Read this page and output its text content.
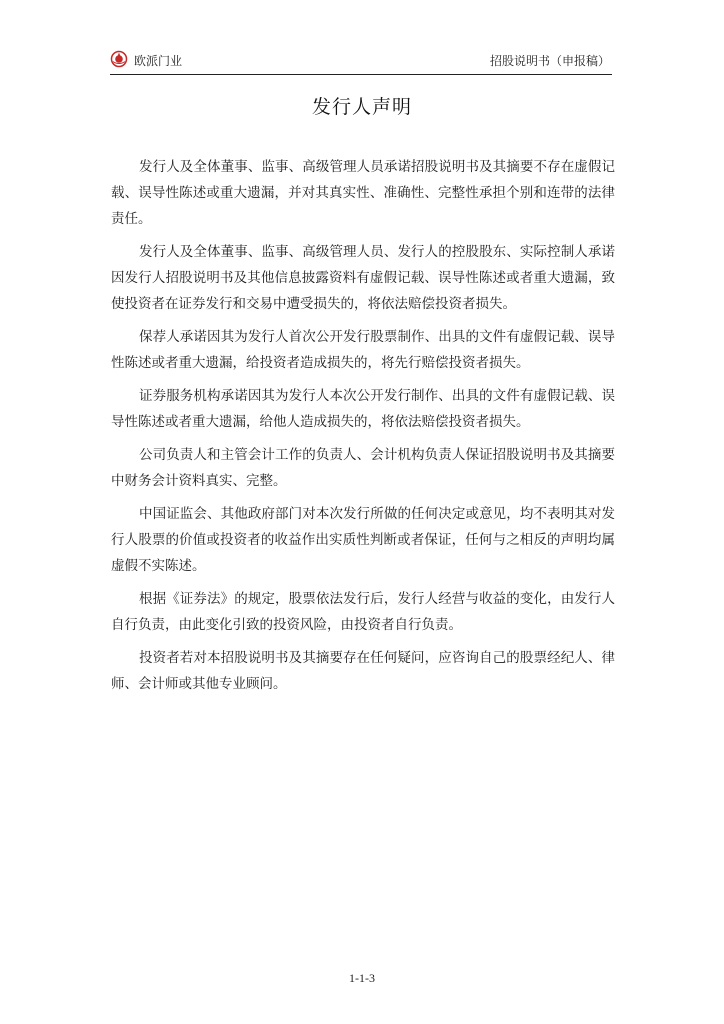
欧派门业	招股说明书（申报稿）
发行人声明

发行人及全体董事、监事、高级管理人员承诺招股说明书及其摘要不存在虚假记载、误导性陈述或重大遗漏，并对其真实性、准确性、完整性承担个别和连带的法律责任。

发行人及全体董事、监事、高级管理人员、发行人的控股股东、实际控制人承诺因发行人招股说明书及其他信息披露资料有虚假记载、误导性陈述或者重大遗漏，致使投资者在证券发行和交易中遭受损失的，将依法赔偿投资者损失。

保荐人承诺因其为发行人首次公开发行股票制作、出具的文件有虚假记载、误导性陈述或者重大遗漏，给投资者造成损失的，将先行赔偿投资者损失。

证券服务机构承诺因其为发行人本次公开发行制作、出具的文件有虚假记载、误导性陈述或者重大遗漏，给他人造成损失的，将依法赔偿投资者损失。

公司负责人和主管会计工作的负责人、会计机构负责人保证招股说明书及其摘要中财务会计资料真实、完整。

中国证监会、其他政府部门对本次发行所做的任何决定或意见，均不表明其对发行人股票的价值或投资者的收益作出实质性判断或者保证，任何与之相反的声明均属虚假不实陈述。

根据《证券法》的规定，股票依法发行后，发行人经营与收益的变化，由发行人自行负责，由此变化引致的投资风险，由投资者自行负责。

投资者若对本招股说明书及其摘要存在任何疑问，应咨询自己的股票经纪人、律师、会计师或其他专业顾问。

1-1-3
